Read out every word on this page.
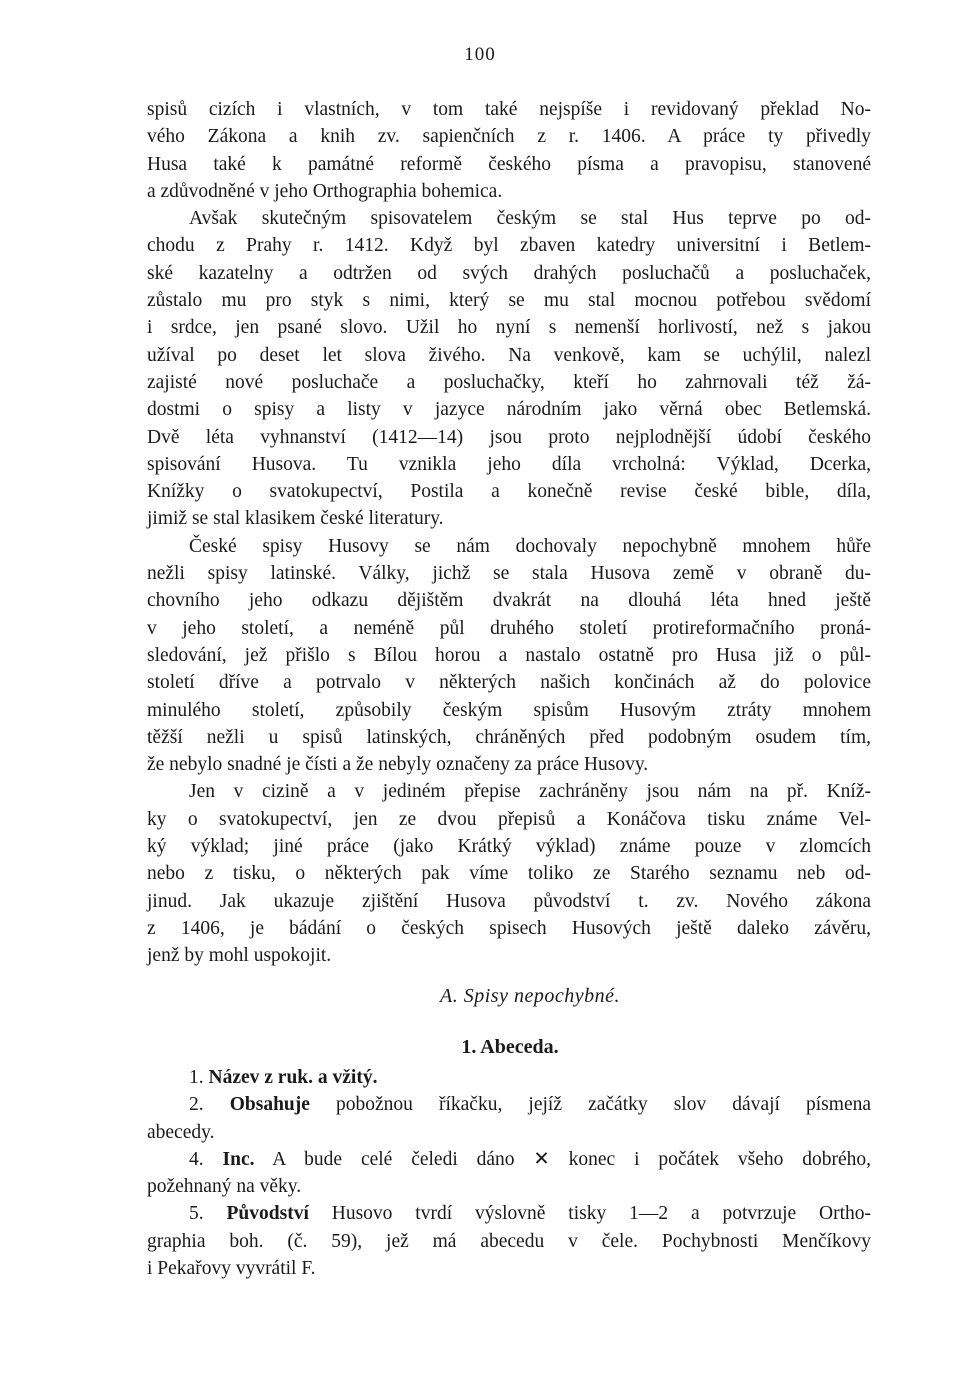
100

spisů cizích i vlastních, v tom také nejspíše i revidovaný překlad No-
vého Zákona a knih zv. sapienčních z r. 1406. A práce ty přivedly
Husa také k památné reformě českého písma a pravopisu, stanovené
a zdůvodněné v jeho Orthographia bohemica.

Avšak skutečným spisovatelem českým se stal Hus teprve po od-
chodu z Prahy r. 1412. Když byl zbaven katedry universitní i Betlem-
ské kazatelny a odtržen od svých drahých posluchačů a posluchaček,
zůstalo mu pro styk s nimi, který se mu stal mocnou potřebou svědomí
i srdce, jen psané slovo. Užil ho nyní s nemenší horlivostí, než s jakou
užíval po deset let slova živého. Na venkově, kam se uchýlil, nalezl
zajisté nové posluchače a posluchačky, kteří ho zahrnovali též žá-
dostmi o spisy a listy v jazyce národním jako věrná obec Betlemská.
Dvě léta vyhnanství (1412—14) jsou proto nejplodnější údobí českého
spisování Husova. Tu vznikla jeho díla vrcholná: Výklad, Dcerka,
Knížky o svatokupectví, Postila a konečně revise české bible, díla,
jimiž se stal klasikem české literatury.

České spisy Husovy se nám dochovaly nepochybně mnohem hůře
nežli spisy latinské. Války, jichž se stala Husova země v obraně du-
chovního jeho odkazu dějištěm dvakrát na dlouhá léta hned ještě
v jeho století, a neméně půl druhého století protireformačního proná-
sledování, jež přišlo s Bílou horou a nastalo ostatně pro Husa již o půl-
století dříve a potrvalo v některých našich končinách až do polovice
minulého století, způsobily českým spisům Husovým ztráty mnohem
těžší nežli u spisů latinských, chráněných před podobným osudem tím,
že nebylo snadné je čísti a že nebyly označeny za práce Husovy.

Jen v cizině a v jediném přepise zachráněny jsou nám na př. Kníž-
ky o svatokupectví, jen ze dvou přepisů a Konáčova tisku známe Vel-
ký výklad; jiné práce (jako Krátký výklad) známe pouze v zlomcích
nebo z tisku, o některých pak víme toliko ze Starého seznamu neb od-
jinud. Jak ukazuje zjištění Husova původství t. zv. Nového zákona
z 1406, je bádání o českých spisech Husových ještě daleko závěru,
jenž by mohl uspokojit.

A. Spisy nepochybné.
1. Abeceda.
1. Název z ruk. a vžitý.
2. Obsahuje pobožnou říkačku, jejíž začátky slov dávají písmena
abecedy.
4. Inc. A bude celé čeledi dáno ✕ konec i počátek všeho dobrého,
požehnaný na věky.
5. Původství Husovo tvrdí výslovně tisky 1—2 a potvrzuje Ortho-
graphia boh. (č. 59), jež má abecedu v čele. Pochybnosti Menčíkovy
i Pekařovy vyvrátil F.
